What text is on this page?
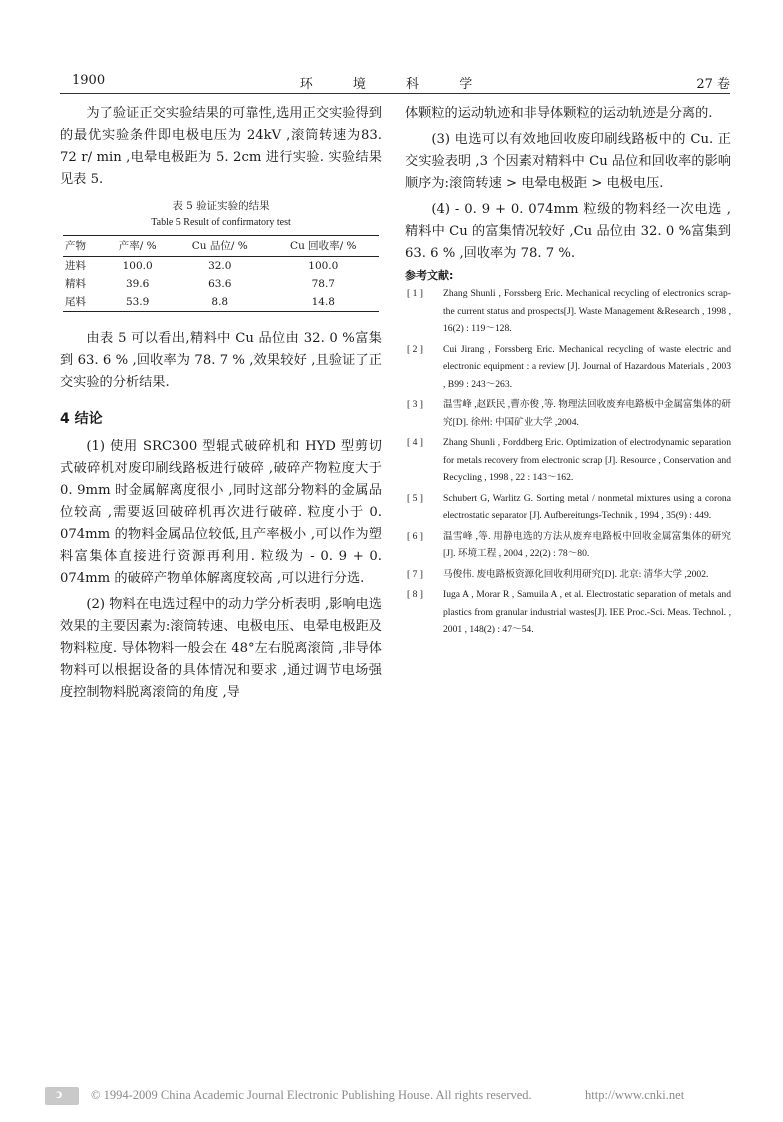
1900	环 境 科 学	27 卷

为了验证正交实验结果的可靠性,选用正交实验得到的最优实验条件即电极电压为 24kV ,滚筒转速为83. 72 r/ min ,电晕电极距为 5. 2cm 进行实验. 实验结果见表 5.

表 5 验证实验的结果
Table 5 Result of confirmatory test
产物	产率/ %	Cu 品位/ %	Cu 回收率/ %
进料	100.0	32.0	100.0
精料	39.6	63.6	78.7
尾料	53.9	8.8	14.8

由表 5 可以看出,精料中 Cu 品位由 32. 0 %富集到 63. 6 % ,回收率为 78. 7 % ,效果较好 ,且验证了正交实验的分析结果.

4 结论

(1) 使用 SRC300 型辊式破碎机和 HYD 型剪切式破碎机对废印刷线路板进行破碎 ,破碎产物粒度大于 0. 9mm 时金属解离度很小 ,同时这部分物料的金属品位较高 ,需要返回破碎机再次进行破碎. 粒度小于 0. 074mm 的物料金属品位较低,且产率极小 ,可以作为塑料富集体直接进行资源再利用. 粒级为 - 0. 9 + 0. 074mm 的破碎产物单体解离度较高 ,可以进行分选.

(2) 物料在电选过程中的动力学分析表明 ,影响电选效果的主要因素为:滚筒转速、电极电压、电晕电极距及物料粒度. 导体物料一般会在 48°左右脱离滚筒 ,非导体物料可以根据设备的具体情况和要求 ,通过调节电场强度控制物料脱离滚筒的角度 ,导

体颗粒的运动轨迹和非导体颗粒的运动轨迹是分离的.

(3) 电选可以有效地回收废印刷线路板中的 Cu. 正交实验表明 ,3 个因素对精料中 Cu 品位和回收率的影响顺序为:滚筒转速 > 电晕电极距 > 电极电压.

(4) - 0. 9 + 0. 074mm 粒级的物料经一次电选 ,精料中 Cu 的富集情况较好 ,Cu 品位由 32. 0 %富集到 63. 6 % ,回收率为 78. 7 %.

参考文献:
[ 1 ] Zhang Shunli , Forssberg Eric. Mechanical recycling of electronics scrap-the current status and prospects[J]. Waste Management &Research , 1998 , 16(2) : 119～128.
[ 2 ] Cui Jirang , Forssberg Eric. Mechanical recycling of waste electric and electronic equipment : a review [J]. Journal of Hazardous Materials , 2003 , B99 : 243～263.
[ 3 ] 温雪峰 ,赵跃民 ,曹亦俊 ,等. 物理法回收废弃电路板中金属富集体的研究[D]. 徐州: 中国矿业大学 ,2004.
[ 4 ] Zhang Shunli , Forddberg Eric. Optimization of electrodynamic separation for metals recovery from electronic scrap [J]. Resource , Conservation and Recycling , 1998 , 22 : 143～162.
[ 5 ] Schubert G, Warlitz G. Sorting metal / nonmetal mixtures using a corona electrostatic separator [J]. Aufbereitungs-Technik , 1994 , 35(9) : 449.
[ 6 ] 温雪峰 ,等. 用静电选的方法从废弃电路板中回收金属富集体的研究[J]. 环境工程 , 2004 , 22(2) : 78～80.
[ 7 ] 马俊伟. 废电路板资源化回收利用研究[D]. 北京: 清华大学 ,2002.
[ 8 ] Iuga A , Morar R , Samuila A , et al. Electrostatic separation of metals and plastics from granular industrial wastes[J]. IEE Proc.-Sci. Meas. Technol. , 2001 , 148(2) : 47～54.
ↄ © 1994-2009 China Academic Journal Electronic Publishing House. All rights reserved.	http://www.cnki.net
